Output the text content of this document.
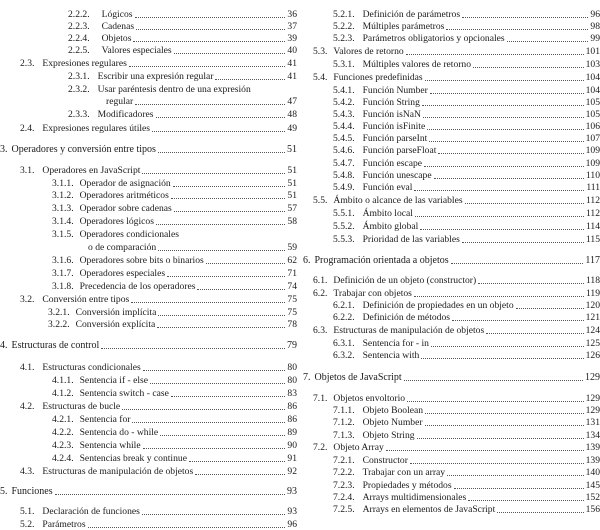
2.2.2. Lógicos	36
2.2.3. Cadenas	37
2.2.4. Objetos	39
2.2.5. Valores especiales	40
2.3. Expresiones regulares	41
2.3.1. Escribir una expresión regular	41
2.3.2. Usar paréntesis dentro de una expresión
regular	47
2.3.3. Modificadores	48
2.4. Expresiones regulares útiles	49
3. Operadores y conversión entre tipos	51
3.1. Operadores en JavaScript	51
3.1.1. Operador de asignación	51
3.1.2. Operadores aritméticos	51
3.1.3. Operador sobre cadenas	57
3.1.4. Operadores lógicos	58
3.1.5. Operadores condicionales
o de comparación	59
3.1.6. Operadores sobre bits o binarios	62
3.1.7. Operadores especiales	71
3.1.8. Precedencia de los operadores	74
3.2. Conversión entre tipos	75
3.2.1. Conversión implícita	75
3.2.2. Conversión explícita	78
4. Estructuras de control	79
4.1. Estructuras condicionales	80
4.1.1. Sentencia if - else	80
4.1.2. Sentencia switch - case	83
4.2. Estructuras de bucle	86
4.2.1. Sentencia for	86
4.2.2. Sentencia do - while	89
4.2.3. Sentencia while	90
4.2.4. Sentencias break y continue	91
4.3. Estructuras de manipulación de objetos	92
5. Funciones	93
5.1. Declaración de funciones	93
5.2. Parámetros	96
5.2.1. Definición de parámetros	96
5.2.2. Múltiples parámetros	98
5.2.3. Parámetros obligatorios y opcionales	99
5.3. Valores de retorno	101
5.3.1. Múltiples valores de retorno	103
5.4. Funciones predefinidas	104
5.4.1. Función Number	104
5.4.2. Función String	105
5.4.3. Función isNaN	105
5.4.4. Función isFinite	106
5.4.5. Función parseInt	107
5.4.6. Función parseFloat	109
5.4.7. Función escape	109
5.4.8. Función unescape	110
5.4.9. Función eval	111
5.5. Ámbito o alcance de las variables	112
5.5.1. Ámbito local	112
5.5.2. Ámbito global	114
5.5.3. Prioridad de las variables	115
6. Programación orientada a objetos	117
6.1. Definición de un objeto (constructor)	118
6.2. Trabajar con objetos	119
6.2.1. Definición de propiedades en un objeto	120
6.2.2. Definición de métodos	121
6.3. Estructuras de manipulación de objetos	124
6.3.1. Sentencia for - in	125
6.3.2. Sentencia with	126
7. Objetos de JavaScript	129
7.1. Objetos envoltorio	129
7.1.1. Objeto Boolean	129
7.1.2. Objeto Number	131
7.1.3. Objeto String	134
7.2. Objeto Array	139
7.2.1. Constructor	139
7.2.2. Trabajar con un array	140
7.2.3. Propiedades y métodos	145
7.2.4. Arrays multidimensionales	152
7.2.5. Arrays en elementos de JavaScript	156
